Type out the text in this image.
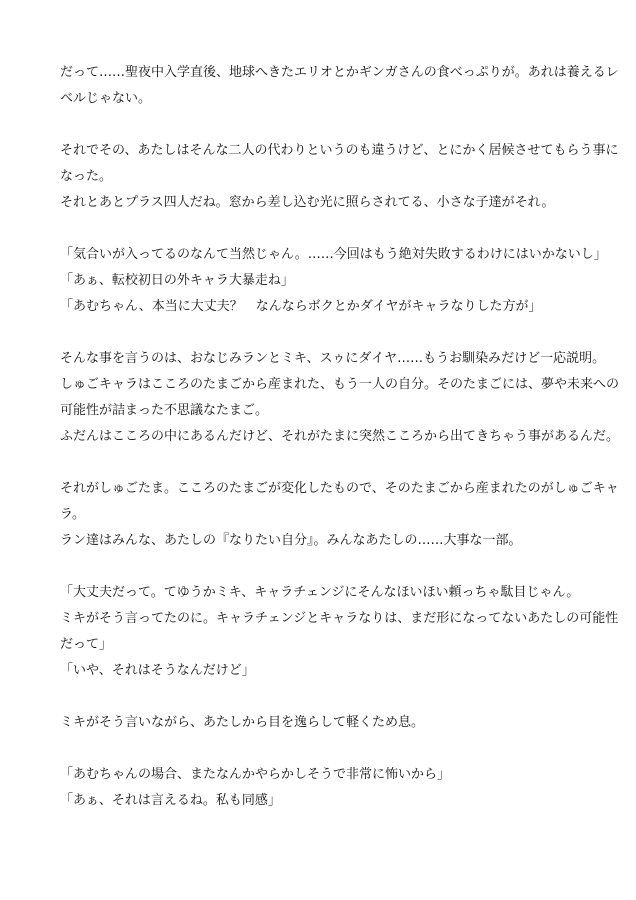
だって……聖夜中入学直後、地球へきたエリオとかギンガさんの食べっぷりが。あれは養えるレ
ベルじゃない。
それでその、あたしはそんな二人の代わりというのも違うけど、とにかく居候させてもらう事に
なった。
それとあとプラス四人だね。窓から差し込む光に照らされてる、小さな子達がそれ。
「気合いが入ってるのなんて当然じゃん。……今回はもう絶対失敗するわけにはいかないし」
「あぁ、転校初日の外キャラ大暴走ね」
「あむちゃん、本当に大丈夫？　なんならボクとかダイヤがキャラなりした方が」
そんな事を言うのは、おなじみランとミキ、スゥにダイヤ……もうお馴染みだけど一応説明。
しゅごキャラはこころのたまごから産まれた、もう一人の自分。そのたまごには、夢や未来への
可能性が詰まった不思議なたまご。
ふだんはこころの中にあるんだけど、それがたまに突然こころから出てきちゃう事があるんだ。
それがしゅごたま。こころのたまごが変化したもので、そのたまごから産まれたのがしゅごキャ
ラ。
ラン達はみんな、あたしの『なりたい自分』。みんなあたしの……大事な一部。
「大丈夫だって。てゆうかミキ、キャラチェンジにそんなほいほい頼っちゃ駄目じゃん。
ミキがそう言ってたのに。キャラチェンジとキャラなりは、まだ形になってないあたしの可能性
だって」
「いや、それはそうなんだけど」
ミキがそう言いながら、あたしから目を逸らして軽くため息。
「あむちゃんの場合、またなんかやらかしそうで非常に怖いから」
「あぁ、それは言えるね。私も同感」
